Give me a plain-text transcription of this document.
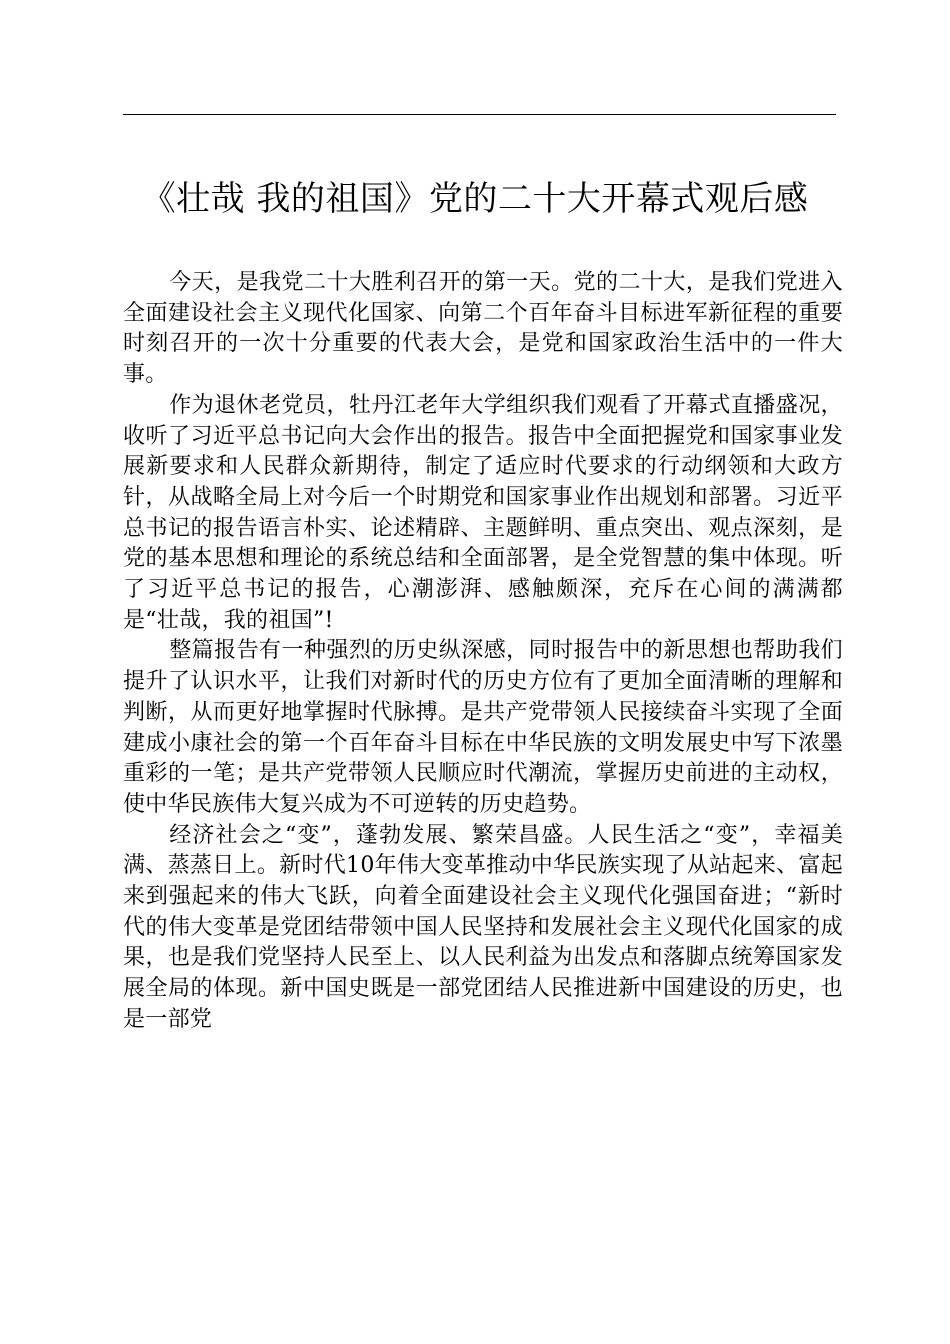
《壮哉 我的祖国》党的二十大开幕式观后感

今天，是我党二十大胜利召开的第一天。党的二十大，是我们党进入全面建设社会主义现代化国家、向第二个百年奋斗目标进军新征程的重要时刻召开的一次十分重要的代表大会，是党和国家政治生活中的一件大事。

作为退休老党员，牡丹江老年大学组织我们观看了开幕式直播盛况，收听了习近平总书记向大会作出的报告。报告中全面把握党和国家事业发展新要求和人民群众新期待，制定了适应时代要求的行动纲领和大政方针，从战略全局上对今后一个时期党和国家事业作出规划和部署。习近平总书记的报告语言朴实、论述精辟、主题鲜明、重点突出、观点深刻，是党的基本思想和理论的系统总结和全面部署，是全党智慧的集中体现。听了习近平总书记的报告，心潮澎湃、感触颇深，充斥在心间的满满都是“壮哉，我的祖国”!

整篇报告有一种强烈的历史纵深感，同时报告中的新思想也帮助我们提升了认识水平，让我们对新时代的历史方位有了更加全面清晰的理解和判断，从而更好地掌握时代脉搏。是共产党带领人民接续奋斗实现了全面建成小康社会的第一个百年奋斗目标在中华民族的文明发展史中写下浓墨重彩的一笔；是共产党带领人民顺应时代潮流，掌握历史前进的主动权，使中华民族伟大复兴成为不可逆转的历史趋势。

经济社会之“变”，蓬勃发展、繁荣昌盛。人民生活之“变”，幸福美满、蒸蒸日上。新时代10年伟大变革推动中华民族实现了从站起来、富起来到强起来的伟大飞跃，向着全面建设社会主义现代化强国奋进；“新时代的伟大变革是党团结带领中国人民坚持和发展社会主义现代化国家的成果，也是我们党坚持人民至上、以人民利益为出发点和落脚点统筹国家发展全局的体现。新中国史既是一部党团结人民推进新中国建设的历史，也是一部党
